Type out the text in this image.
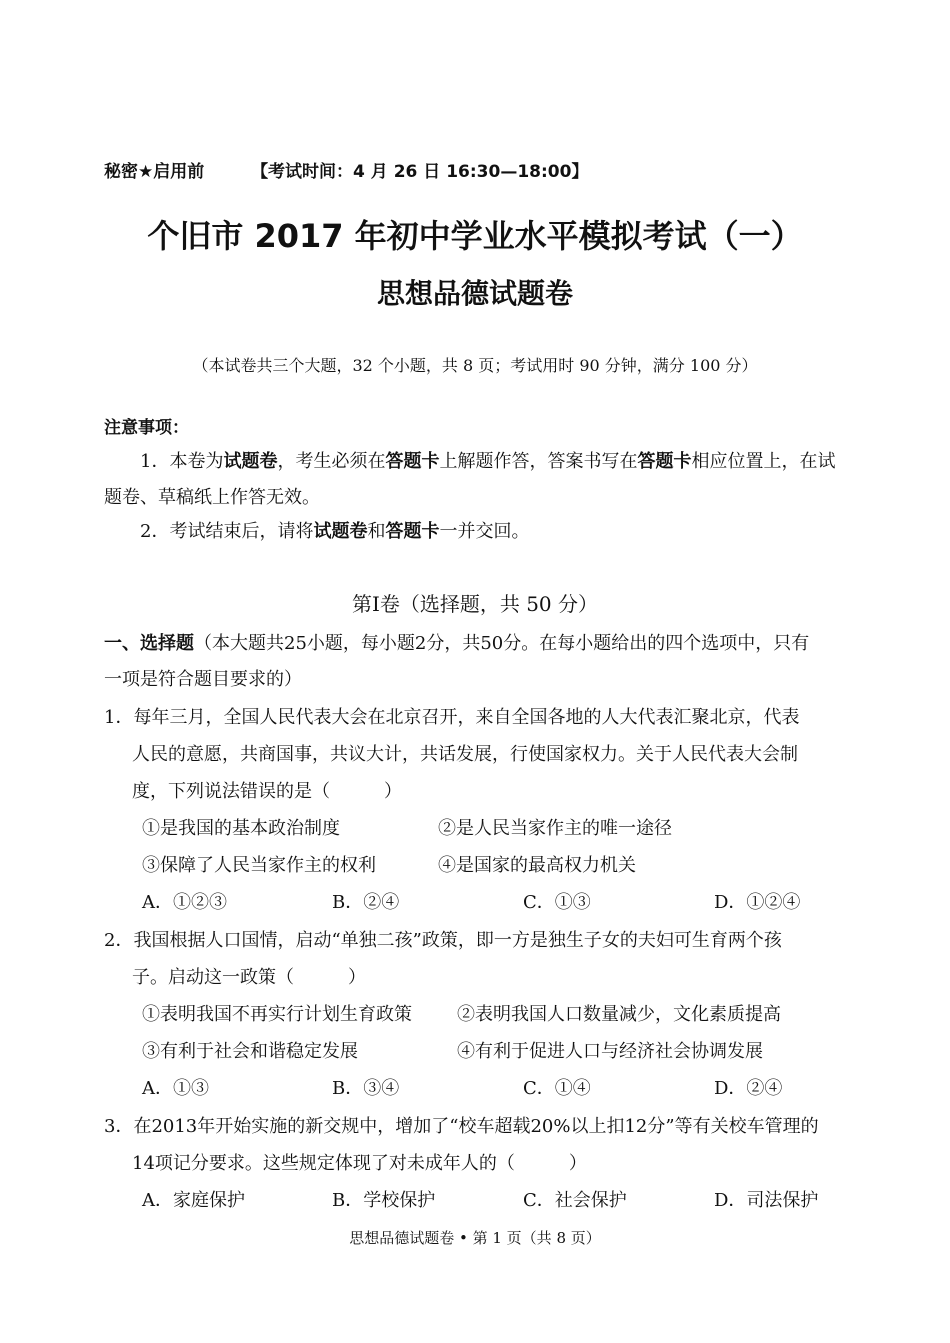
秘密★启用前	【考试时间：4 月 26 日 16:30—18:00】
个旧市 2017 年初中学业水平模拟考试（一）
思想品德试题卷
（本试卷共三个大题，32 个小题，共 8 页；考试用时 90 分钟，满分 100 分）
注意事项：
1．本卷为试题卷，考生必须在答题卡上解题作答，答案书写在答题卡相应位置上，在试
题卷、草稿纸上作答无效。
2．考试结束后，请将试题卷和答题卡一并交回。
第Ⅰ卷（选择题，共 50 分）
一、选择题（本大题共25小题，每小题2分，共50分。在每小题给出的四个选项中，只有
一项是符合题目要求的）
1．每年三月，全国人民代表大会在北京召开，来自全国各地的人大代表汇聚北京，代表
人民的意愿，共商国事，共议大计，共话发展，行使国家权力。关于人民代表大会制
度，下列说法错误的是（　　　）
①是我国的基本政治制度	②是人民当家作主的唯一途径
③保障了人民当家作主的权利	④是国家的最高权力机关
A．①②③	B．②④	C．①③	D．①②④
2．我国根据人口国情，启动“单独二孩”政策，即一方是独生子女的夫妇可生育两个孩
子。启动这一政策（　　　）
①表明我国不再实行计划生育政策	②表明我国人口数量减少，文化素质提高
③有利于社会和谐稳定发展	④有利于促进人口与经济社会协调发展
A．①③	B．③④	C．①④	D．②④
3．在2013年开始实施的新交规中，增加了“校车超载20%以上扣12分”等有关校车管理的
14项记分要求。这些规定体现了对未成年人的（　　　）
A．家庭保护	B．学校保护	C．社会保护	D．司法保护
思想品德试题卷 • 第 1 页（共 8 页）
